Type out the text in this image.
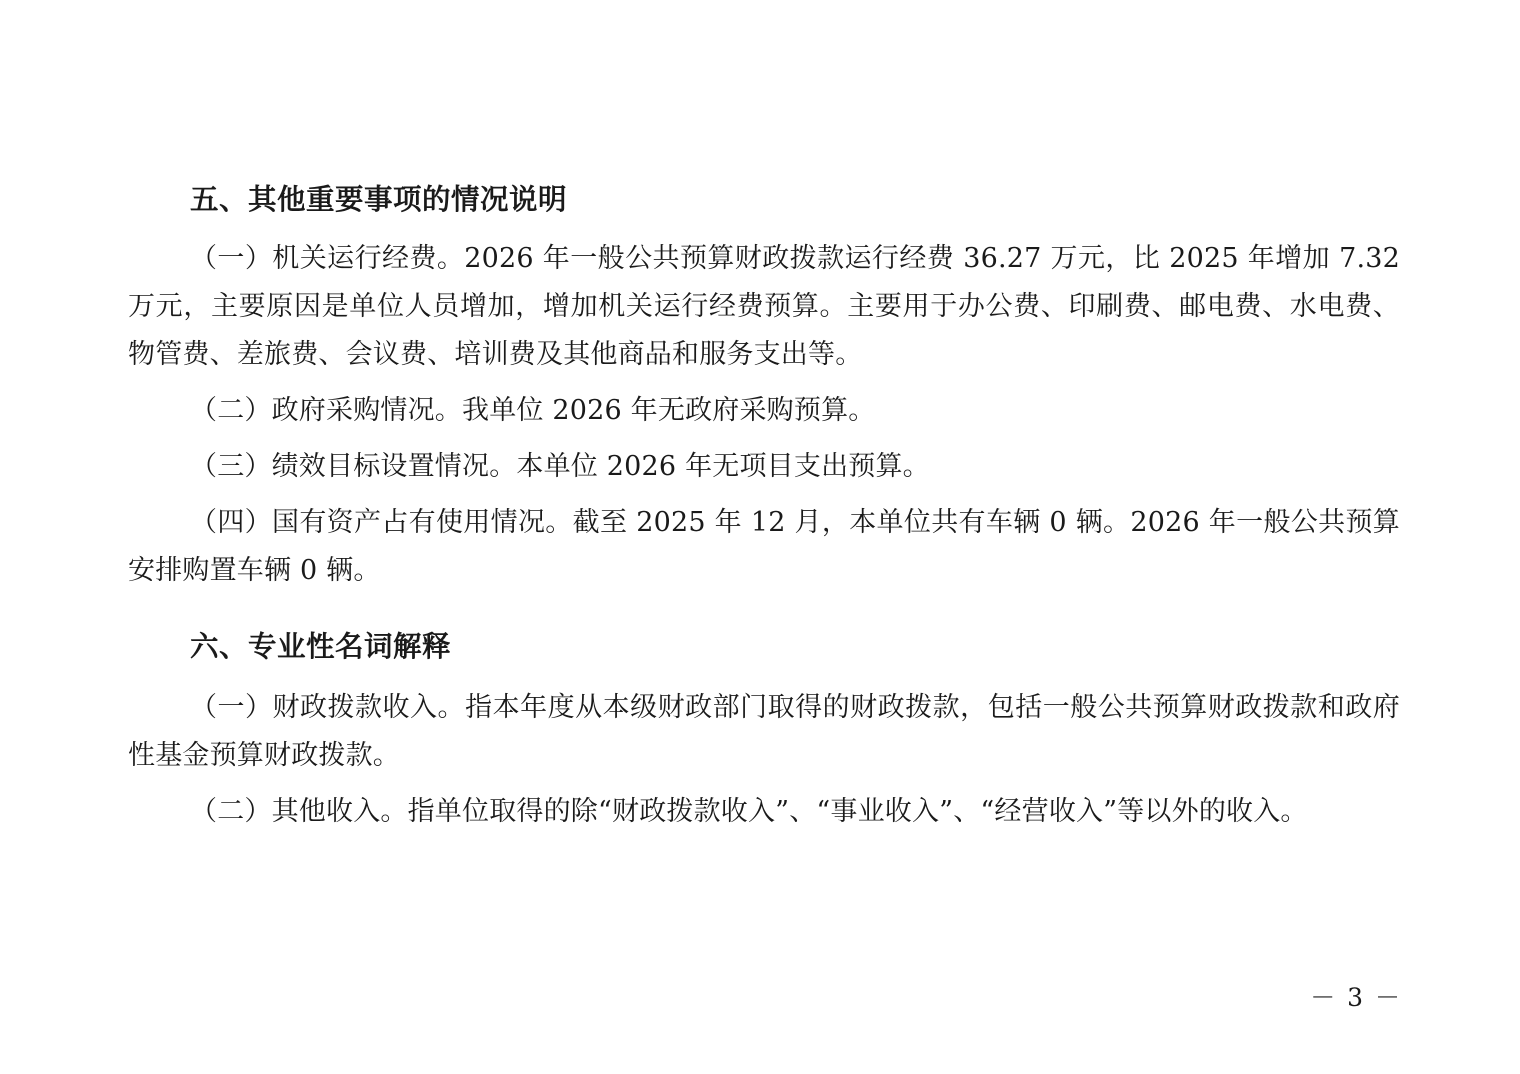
五、其他重要事项的情况说明

（一）机关运行经费。2026 年一般公共预算财政拨款运行经费 36.27 万元，比 2025 年增加 7.32 万元，主要原因是单位人员增加，增加机关运行经费预算。主要用于办公费、印刷费、邮电费、水电费、物管费、差旅费、会议费、培训费及其他商品和服务支出等。

（二）政府采购情况。我单位 2026 年无政府采购预算。

（三）绩效目标设置情况。本单位 2026 年无项目支出预算。

（四）国有资产占有使用情况。截至 2025 年 12 月，本单位共有车辆 0 辆。2026 年一般公共预算安排购置车辆 0 辆。

六、专业性名词解释

（一）财政拨款收入。指本年度从本级财政部门取得的财政拨款，包括一般公共预算财政拨款和政府性基金预算财政拨款。

（二）其他收入。指单位取得的除“财政拨款收入”、“事业收入”、“经营收入”等以外的收入。

－ 3 －
